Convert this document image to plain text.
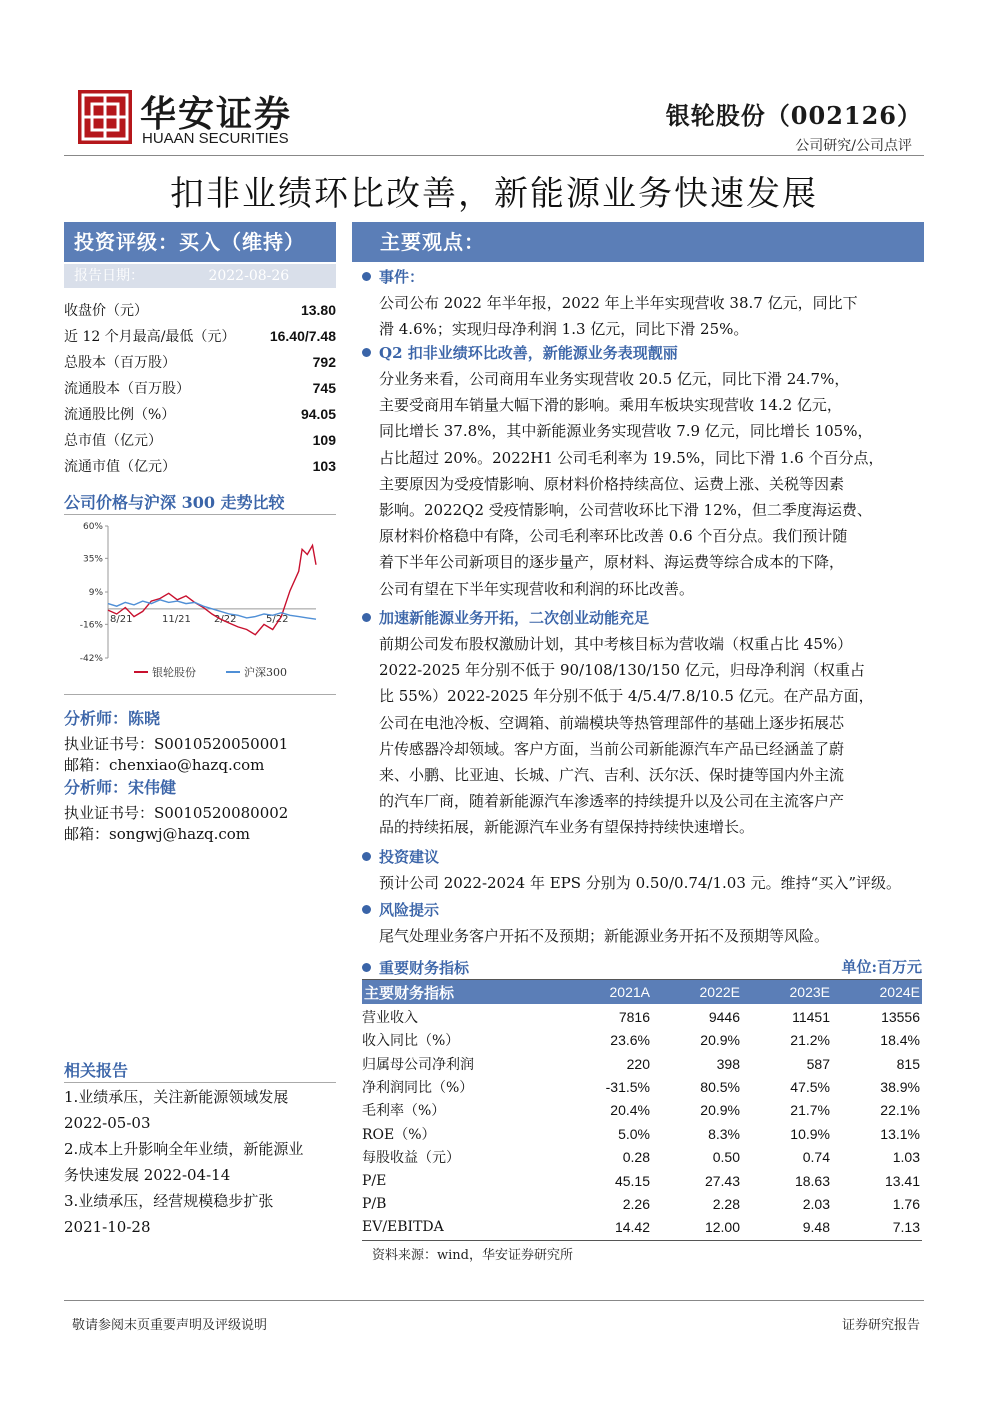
华安证券
HUAAN SECURITIES
银轮股份（002126）
公司研究/公司点评
扣非业绩环比改善，新能源业务快速发展
投资评级：买入（维持）
报告日期：	2022-08-26
公司价格与沪深 300 走势比较
60%
35%
9%
-16%
-42%
8/21	11/21 2/22	5/22
银轮股份	沪深300
相关报告
主要观点：
单位:百万元
资料来源：wind，华安证券研究所
敬请参阅末页重要声明及评级说明	证券研究报告
收盘价（元）	13.80
近 12 个月最高/最低（元） 16.40/7.48
总股本（百万股）	792
流通股本（百万股）	745
流通股比例（%）	94.05
总市值（亿元）	109
流通市值（亿元）	103
分析师：陈晓
执业证书号：S0010520050001
邮箱：chenxiao@hazq.com
分析师：宋伟健
执业证书号：S0010520080002
邮箱：songwj@hazq.com
1.业绩承压，关注新能源领域发展
2022-05-03
2.成本上升影响全年业绩，新能源业
务快速发展 2022-04-14
3.业绩承压，经营规模稳步扩张
2021-10-28
事件：
公司公布 2022 年半年报，2022 年上半年实现营收 38.7 亿元，同比下
滑 4.6%；实现归母净利润 1.3 亿元，同比下滑 25%。
Q2 扣非业绩环比改善，新能源业务表现靓丽
分业务来看，公司商用车业务实现营收 20.5 亿元，同比下滑 24.7%，
主要受商用车销量大幅下滑的影响。乘用车板块实现营收 14.2 亿元，
同比增长 37.8%，其中新能源业务实现营收 7.9 亿元，同比增长 105%，
占比超过 20%。2022H1 公司毛利率为 19.5%，同比下滑 1.6 个百分点，
主要原因为受疫情影响、原材料价格持续高位、运费上涨、关税等因素
影响。2022Q2 受疫情影响，公司营收环比下滑 12%，但二季度海运费、
原材料价格稳中有降，公司毛利率环比改善 0.6 个百分点。我们预计随
着下半年公司新项目的逐步量产，原材料、海运费等综合成本的下降，
公司有望在下半年实现营收和利润的环比改善。
加速新能源业务开拓，二次创业动能充足
前期公司发布股权激励计划，其中考核目标为营收端（权重占比 45%）
2022-2025 年分别不低于 90/108/130/150 亿元，归母净利润（权重占
比 55%）2022-2025 年分别不低于 4/5.4/7.8/10.5 亿元。在产品方面，
公司在电池冷板、空调箱、前端模块等热管理部件的基础上逐步拓展芯
片传感器冷却领域。客户方面，当前公司新能源汽车产品已经涵盖了蔚
来、小鹏、比亚迪、长城、广汽、吉利、沃尔沃、保时捷等国内外主流
的汽车厂商，随着新能源汽车渗透率的持续提升以及公司在主流客户产
品的持续拓展，新能源汽车业务有望保持持续快速增长。
投资建议
预计公司 2022-2024 年 EPS 分别为 0.50/0.74/1.03 元。维持“买入”评级。
风险提示
尾气处理业务客户开拓不及预期；新能源业务开拓不及预期等风险。
重要财务指标
主要财务指标	2021A	2022E	2023E	2024E
营业收入	7816	9446	11451	13556
收入同比（%）	23.6%	20.9%	21.2%	18.4%
归属母公司净利润	220	398	587	815
净利润同比（%）	-31.5%	80.5%	47.5%	38.9%
毛利率（%）	20.4%	20.9%	21.7%	22.1%
ROE（%）	5.0%	8.3%	10.9%	13.1%
每股收益（元）	0.28	0.50	0.74	1.03
P/E	45.15	27.43	18.63	13.41
P/B	2.26	2.28	2.03	1.76
EV/EBITDA	14.42	12.00	9.48	7.13
